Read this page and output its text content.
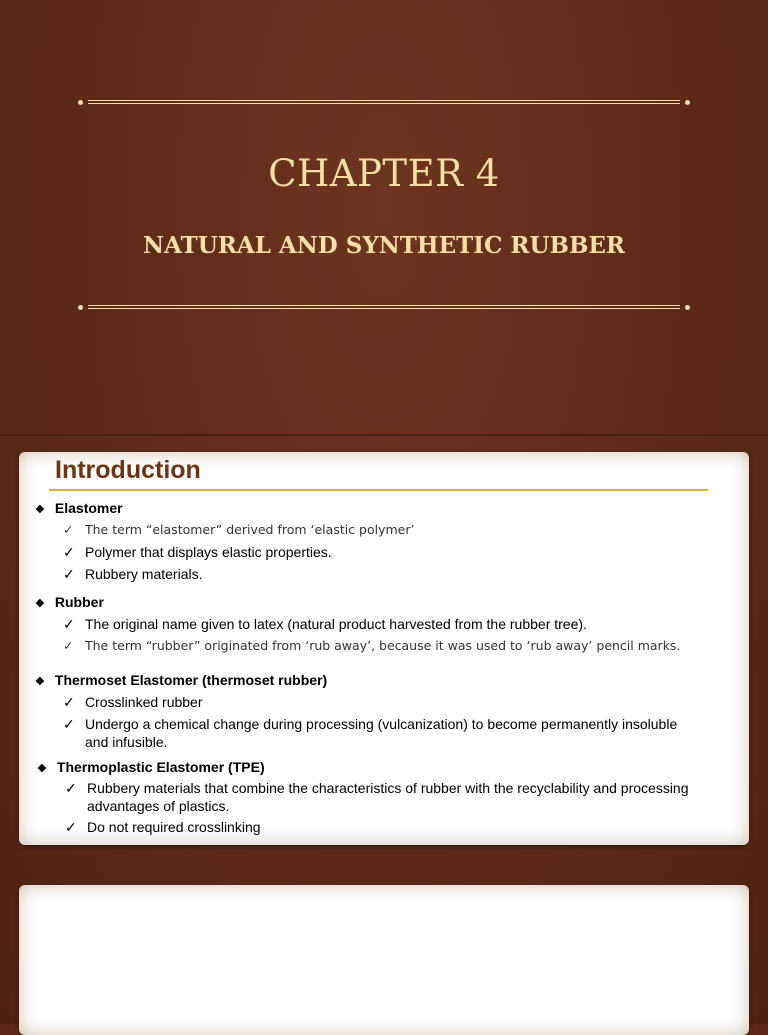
CHAPTER 4
NATURAL AND SYNTHETIC RUBBER
Introduction
❖ Elastomer
✓ The term “elastomer” derived from ‘elastic polymer’
✓ Polymer that displays elastic properties.
✓ Rubbery materials.
❖ Rubber
✓ The original name given to latex (natural product harvested from the rubber tree).
✓ The term “rubber” originated from ‘rub away’, because it was used to ‘rub away’ pencil marks.
❖ Thermoset Elastomer (thermoset rubber)
✓ Crosslinked rubber
✓ Undergo a chemical change during processing (vulcanization) to become permanently insoluble and infusible.
❖ Thermoplastic Elastomer (TPE)
✓ Rubbery materials that combine the characteristics of rubber with the recyclability and processing advantages of plastics.
✓ Do not required crosslinking
